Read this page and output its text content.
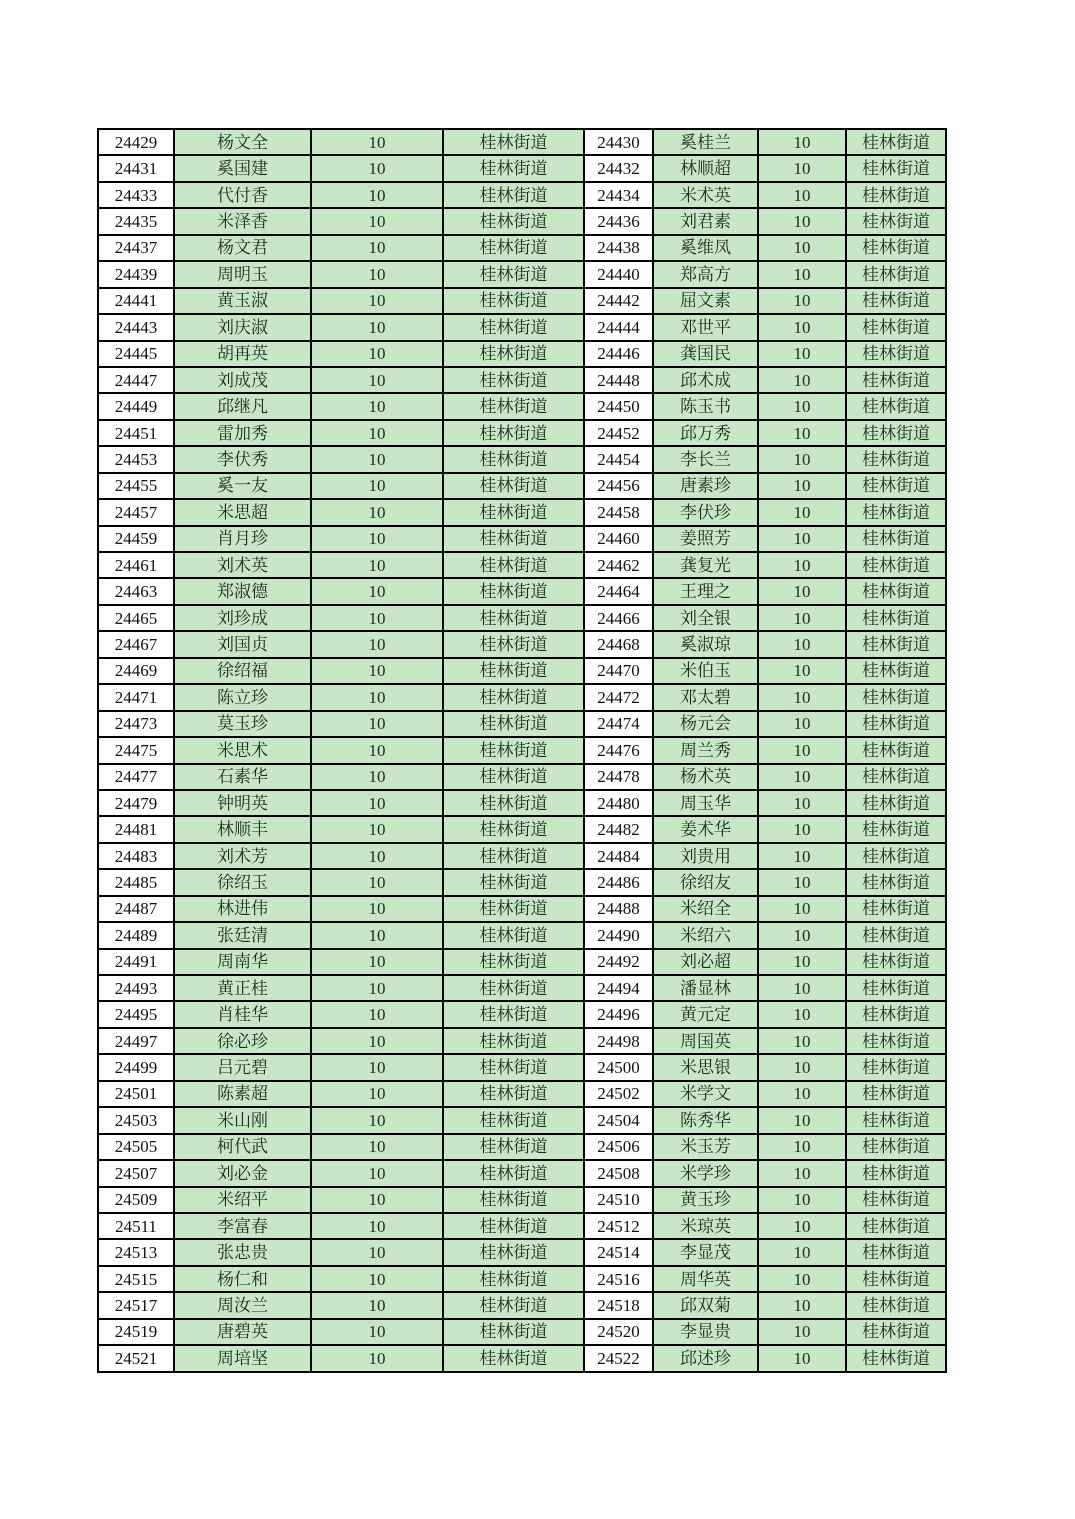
24429	杨文全	10	桂林街道	24430	奚桂兰	10	桂林街道
24431	奚国建	10	桂林街道	24432	林顺超	10	桂林街道
24433	代付香	10	桂林街道	24434	米术英	10	桂林街道
24435	米泽香	10	桂林街道	24436	刘君素	10	桂林街道
24437	杨文君	10	桂林街道	24438	奚维凤	10	桂林街道
24439	周明玉	10	桂林街道	24440	郑高方	10	桂林街道
24441	黄玉淑	10	桂林街道	24442	屈文素	10	桂林街道
24443	刘庆淑	10	桂林街道	24444	邓世平	10	桂林街道
24445	胡再英	10	桂林街道	24446	龚国民	10	桂林街道
24447	刘成茂	10	桂林街道	24448	邱术成	10	桂林街道
24449	邱继凡	10	桂林街道	24450	陈玉书	10	桂林街道
24451	雷加秀	10	桂林街道	24452	邱万秀	10	桂林街道
24453	李伏秀	10	桂林街道	24454	李长兰	10	桂林街道
24455	奚一友	10	桂林街道	24456	唐素珍	10	桂林街道
24457	米思超	10	桂林街道	24458	李伏珍	10	桂林街道
24459	肖月珍	10	桂林街道	24460	姜照芳	10	桂林街道
24461	刘术英	10	桂林街道	24462	龚复光	10	桂林街道
24463	郑淑德	10	桂林街道	24464	王理之	10	桂林街道
24465	刘珍成	10	桂林街道	24466	刘全银	10	桂林街道
24467	刘国贞	10	桂林街道	24468	奚淑琼	10	桂林街道
24469	徐绍福	10	桂林街道	24470	米伯玉	10	桂林街道
24471	陈立珍	10	桂林街道	24472	邓太碧	10	桂林街道
24473	莫玉珍	10	桂林街道	24474	杨元会	10	桂林街道
24475	米思术	10	桂林街道	24476	周兰秀	10	桂林街道
24477	石素华	10	桂林街道	24478	杨术英	10	桂林街道
24479	钟明英	10	桂林街道	24480	周玉华	10	桂林街道
24481	林顺丰	10	桂林街道	24482	姜术华	10	桂林街道
24483	刘术芳	10	桂林街道	24484	刘贵用	10	桂林街道
24485	徐绍玉	10	桂林街道	24486	徐绍友	10	桂林街道
24487	林进伟	10	桂林街道	24488	米绍全	10	桂林街道
24489	张廷清	10	桂林街道	24490	米绍六	10	桂林街道
24491	周南华	10	桂林街道	24492	刘必超	10	桂林街道
24493	黄正桂	10	桂林街道	24494	潘显林	10	桂林街道
24495	肖桂华	10	桂林街道	24496	黄元定	10	桂林街道
24497	徐必珍	10	桂林街道	24498	周国英	10	桂林街道
24499	吕元碧	10	桂林街道	24500	米思银	10	桂林街道
24501	陈素超	10	桂林街道	24502	米学文	10	桂林街道
24503	米山刚	10	桂林街道	24504	陈秀华	10	桂林街道
24505	柯代武	10	桂林街道	24506	米玉芳	10	桂林街道
24507	刘必金	10	桂林街道	24508	米学珍	10	桂林街道
24509	米绍平	10	桂林街道	24510	黄玉珍	10	桂林街道
24511	李富春	10	桂林街道	24512	米琼英	10	桂林街道
24513	张忠贵	10	桂林街道	24514	李显茂	10	桂林街道
24515	杨仁和	10	桂林街道	24516	周华英	10	桂林街道
24517	周汝兰	10	桂林街道	24518	邱双菊	10	桂林街道
24519	唐碧英	10	桂林街道	24520	李显贵	10	桂林街道
24521	周培坚	10	桂林街道	24522	邱述珍	10	桂林街道
